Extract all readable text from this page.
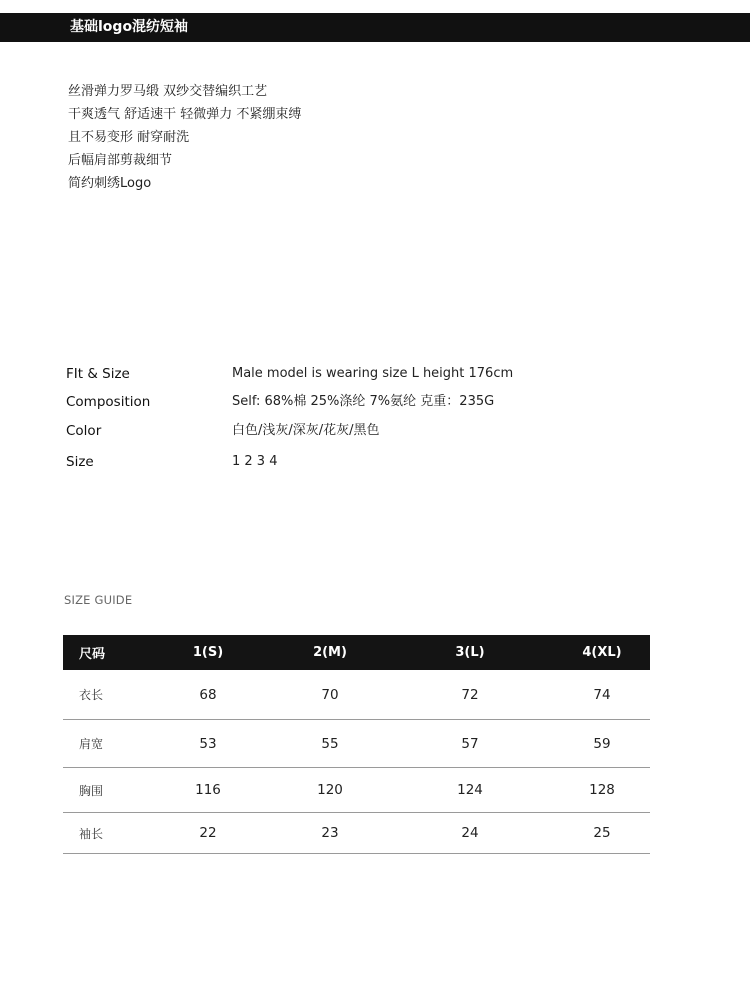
基础logo混纺短袖
丝滑弹力罗马缎 双纱交替编织工艺
干爽透气 舒适速干 轻微弹力 不紧绷束缚
且不易变形 耐穿耐洗
后幅肩部剪裁细节
简约刺绣Logo
FIt & Size	Male model is wearing size L height 176cm
Composition	Self: 68%棉 25%涤纶 7%氨纶 克重：235G
Color	白色/浅灰/深灰/花灰/黑色
Size	1 2 3 4
SIZE GUIDE
尺码	1(S)	2(M)	3(L)	4(XL)
衣长	68	70	72	74
肩宽	53	55	57	59
胸围	116	120	124	128
袖长	22	23	24	25
